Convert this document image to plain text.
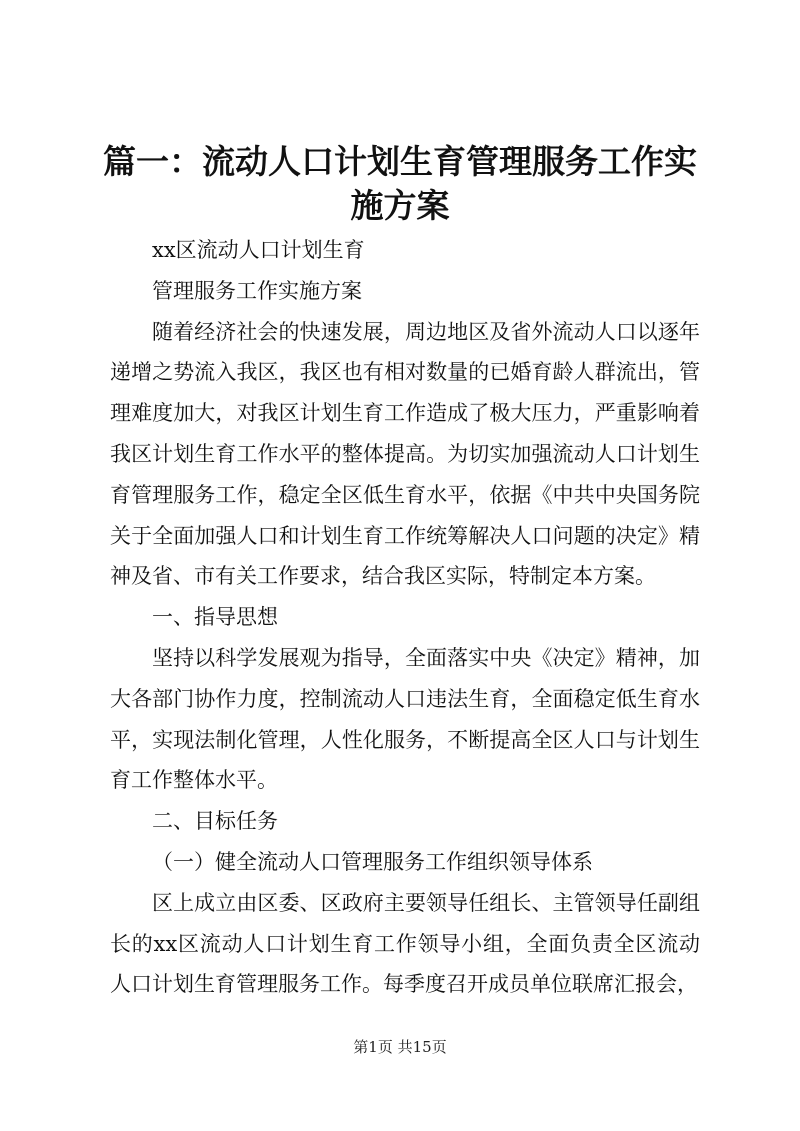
篇一：流动人口计划生育管理服务工作实施方案

xx区流动人口计划生育

管理服务工作实施方案

随着经济社会的快速发展，周边地区及省外流动人口以逐年递增之势流入我区，我区也有相对数量的已婚育龄人群流出，管理难度加大，对我区计划生育工作造成了极大压力，严重影响着我区计划生育工作水平的整体提高。为切实加强流动人口计划生育管理服务工作，稳定全区低生育水平，依据《中共中央国务院关于全面加强人口和计划生育工作统筹解决人口问题的决定》精神及省、市有关工作要求，结合我区实际，特制定本方案。

一、指导思想

坚持以科学发展观为指导，全面落实中央《决定》精神，加大各部门协作力度，控制流动人口违法生育，全面稳定低生育水平，实现法制化管理，人性化服务，不断提高全区人口与计划生育工作整体水平。

二、目标任务

（一）健全流动人口管理服务工作组织领导体系

区上成立由区委、区政府主要领导任组长、主管领导任副组长的xx区流动人口计划生育工作领导小组，全面负责全区流动人口计划生育管理服务工作。每季度召开成员单位联席汇报会，

第1页 共15页
